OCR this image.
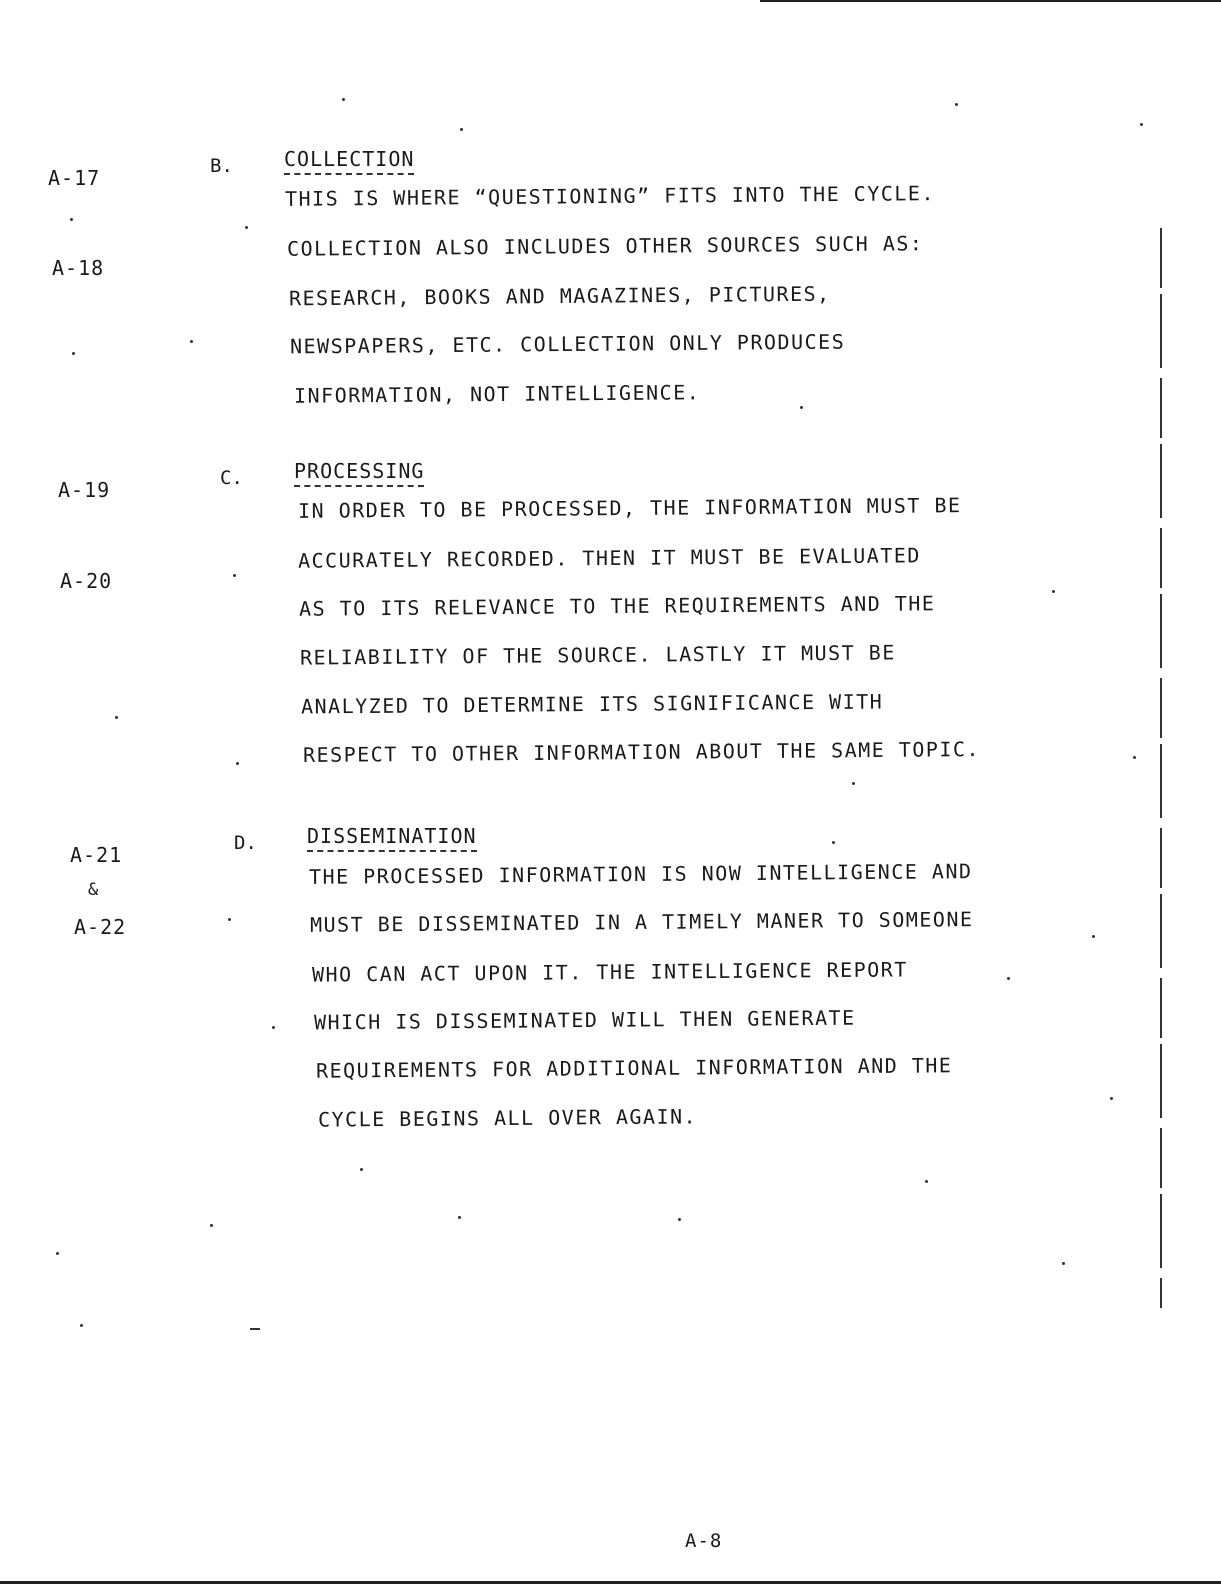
A-17
A-18
A-19
A-20
A-21
&
A-22
B.	COLLECTION
THIS IS WHERE “QUESTIONING” FITS INTO THE CYCLE.
COLLECTION ALSO INCLUDES OTHER SOURCES SUCH AS:
RESEARCH, BOOKS AND MAGAZINES, PICTURES,
NEWSPAPERS, ETC. COLLECTION ONLY PRODUCES
INFORMATION, NOT INTELLIGENCE.
C.	PROCESSING
IN ORDER TO BE PROCESSED, THE INFORMATION MUST BE
ACCURATELY RECORDED. THEN IT MUST BE EVALUATED
AS TO ITS RELEVANCE TO THE REQUIREMENTS AND THE
RELIABILITY OF THE SOURCE. LASTLY IT MUST BE
ANALYZED TO DETERMINE ITS SIGNIFICANCE WITH
RESPECT TO OTHER INFORMATION ABOUT THE SAME TOPIC.
D.	DISSEMINATION
THE PROCESSED INFORMATION IS NOW INTELLIGENCE AND
MUST BE DISSEMINATED IN A TIMELY MANER TO SOMEONE
WHO CAN ACT UPON IT. THE INTELLIGENCE REPORT
WHICH IS DISSEMINATED WILL THEN GENERATE
REQUIREMENTS FOR ADDITIONAL INFORMATION AND THE
CYCLE BEGINS ALL OVER AGAIN.
A-8
